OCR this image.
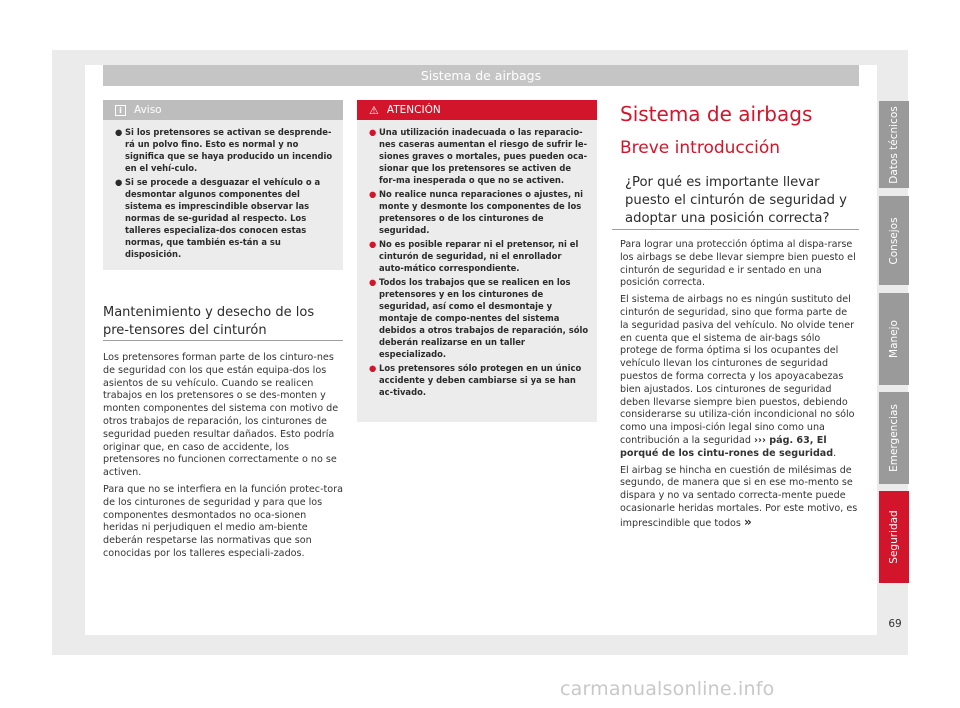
Sistema de airbags
i	Aviso
● Si los pretensores se activan se desprende-rá un polvo fino. Esto es normal y no significa que se haya producido un incendio en el vehí-culo.
● Si se procede a desguazar el vehículo o a desmontar algunos componentes del sistema es imprescindible observar las normas de se-guridad al respecto. Los talleres especializa-dos conocen estas normas, que también es-tán a su disposición.
Mantenimiento y desecho de los pre-tensores del cinturón

Los pretensores forman parte de los cinturo-nes de seguridad con los que están equipa-dos los asientos de su vehículo. Cuando se realicen trabajos en los pretensores o se des-monten y monten componentes del sistema con motivo de otros trabajos de reparación, los cinturones de seguridad pueden resultar dañados. Esto podría originar que, en caso de accidente, los pretensores no funcionen correctamente o no se activen.

Para que no se interfiera en la función protec-tora de los cinturones de seguridad y para que los componentes desmontados no oca-sionen heridas ni perjudiquen el medio am-biente deberán respetarse las normativas que son conocidas por los talleres especiali-zados.

⚠ ATENCIÓN
● Una utilización inadecuada o las reparacio-nes caseras aumentan el riesgo de sufrir le-siones graves o mortales, pues pueden oca-sionar que los pretensores se activen de for-ma inesperada o que no se activen.
● No realice nunca reparaciones o ajustes, ni monte y desmonte los componentes de los pretensores o de los cinturones de seguridad.
● No es posible reparar ni el pretensor, ni el cinturón de seguridad, ni el enrollador auto-mático correspondiente.
● Todos los trabajos que se realicen en los pretensores y en los cinturones de seguridad, así como el desmontaje y montaje de compo-nentes del sistema debidos a otros trabajos de reparación, sólo deberán realizarse en un taller especializado.
● Los pretensores sólo protegen en un único accidente y deben cambiarse si ya se han ac-tivado.
Sistema de airbags
Breve introducción
¿Por qué es importante llevar puesto el cinturón de seguridad y adoptar una posición correcta?

Para lograr una protección óptima al dispa-rarse los airbags se debe llevar siempre bien puesto el cinturón de seguridad e ir sentado en una posición correcta.

El sistema de airbags no es ningún sustituto del cinturón de seguridad, sino que forma parte de la seguridad pasiva del vehículo. No olvide tener en cuenta que el sistema de air-bags sólo protege de forma óptima si los ocupantes del vehículo llevan los cinturones de seguridad puestos de forma correcta y los apoyacabezas bien ajustados. Los cinturones de seguridad deben llevarse siempre bien puestos, debiendo considerarse su utiliza-ción incondicional no sólo como una imposi-ción legal sino como una contribución a la seguridad ››› pág. 63, El porqué de los cintu-rones de seguridad.

El airbag se hincha en cuestión de milésimas de segundo, de manera que si en ese mo-mento se dispara y no va sentado correcta-mente puede ocasionarle heridas mortales. Por este motivo, es imprescindible que todos »

Datos técnicos
Consejos
Manejo
Emergencias
Seguridad
69
carmanualsonline.info
